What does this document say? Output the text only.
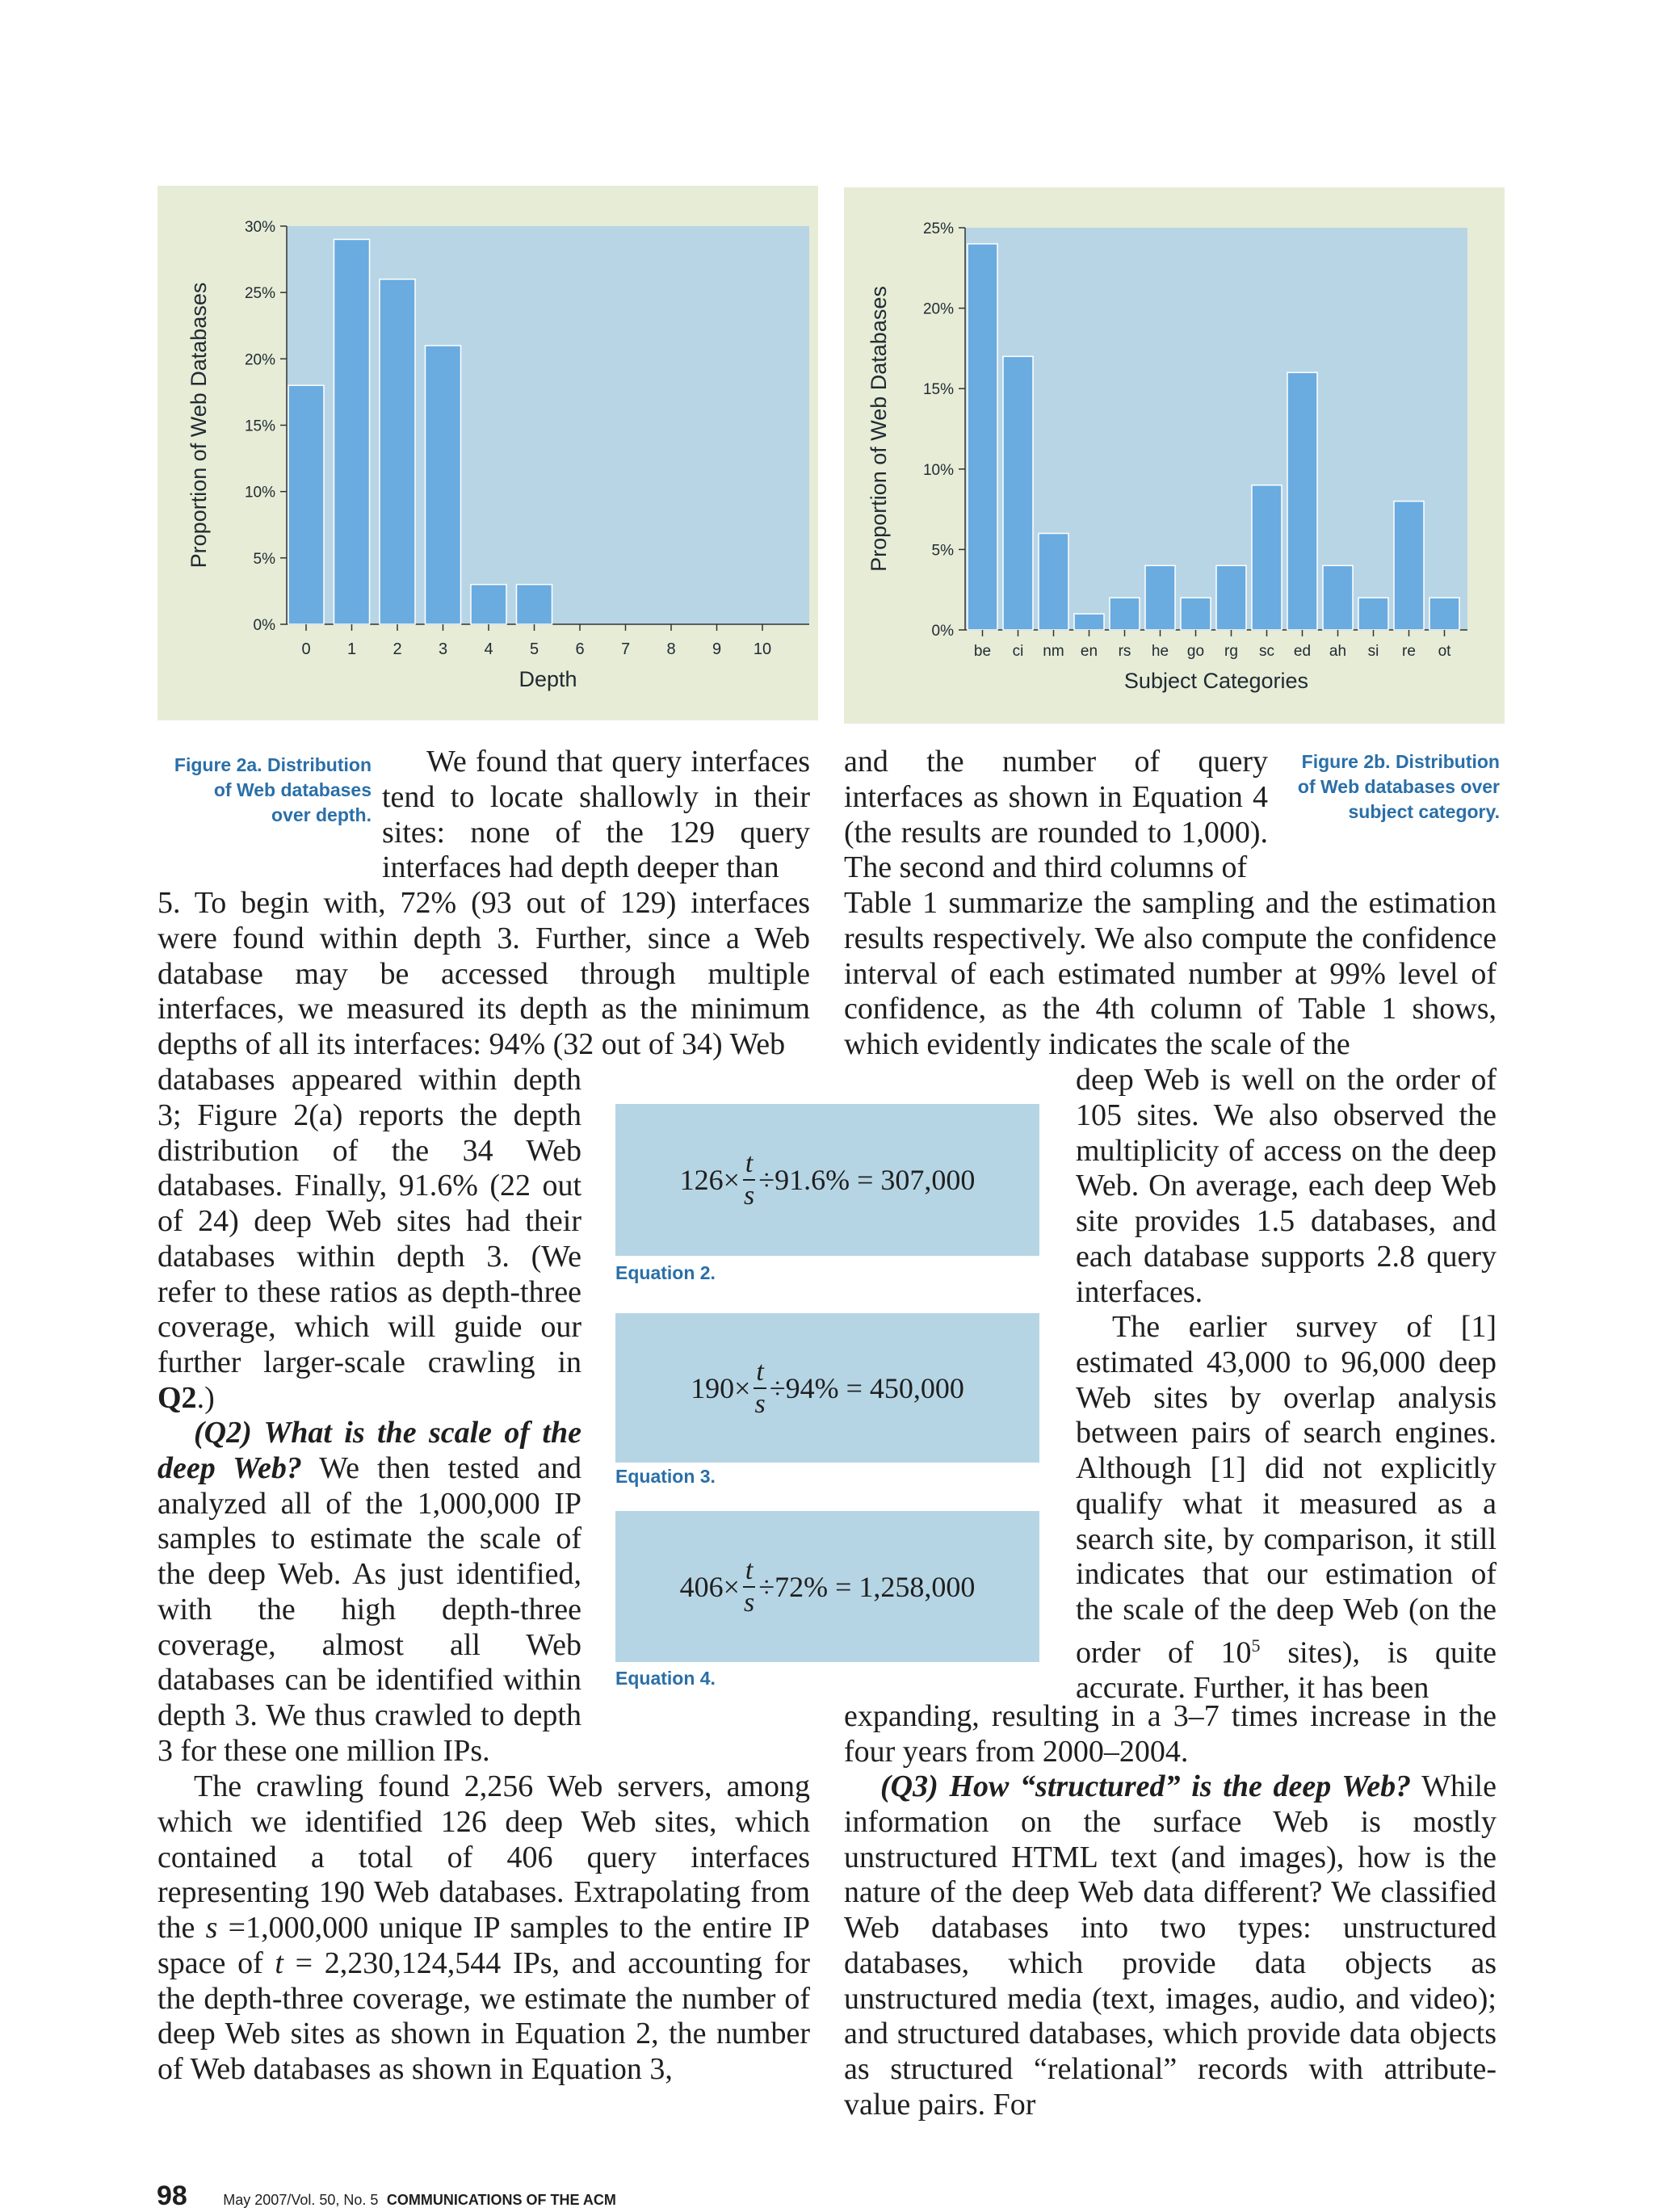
0%
5%
10%
15%
20%
25%
30%
0 1 2 3 4 5 6 7 8 9 10
Depth
Proportion of Web Databases
0%
5%
10%
15%
20%
25%
be ci nm en rs he go rg sc ed ah si re ot
Subject Categories
Proportion of Web Databases
Figure 2a. Distribution
of Web databases
over depth.
Figure 2b. Distribution
of Web databases over
subject category.

We found that query interfaces tend to locate shallowly in their sites: none of the 129 query interfaces had depth deeper than

5. To begin with, 72% (93 out of 129) interfaces were found within depth 3. Further, since a Web database may be accessed through multiple interfaces, we measured its depth as the minimum depths of all its interfaces: 94% (32 out of 34) Web

databases appeared within depth 3; Figure 2(a) reports the depth distribution of the 34 Web databases. Finally, 91.6% (22 out of 24) deep Web sites had their databases within depth 3. (We refer to these ratios as depth-three coverage, which will guide our further larger-scale crawling in Q2.)

(Q2) What is the scale of the deep Web? We then tested and analyzed all of the 1,000,000 IP samples to estimate the scale of the deep Web. As just identified, with the high depth-three coverage, almost all Web databases can be identified within depth 3. We thus crawled to depth 3 for these one million IPs.

The crawling found 2,256 Web servers, among which we identified 126 deep Web sites, which contained a total of 406 query interfaces representing 190 Web databases. Extrapolating from the s =1,000,000 unique IP samples to the entire IP space of t = 2,230,124,544 IPs, and accounting for the depth-three coverage, we estimate the number of deep Web sites as shown in Equation 2, the number of Web databases as shown in Equation 3,

$126\times \frac{t}{s} \div 91.6\% = 307,000$
Equation 2.
$190\times \frac{t}{s} \div 94\% = 450,000$
Equation 3.
$406\times \frac{t}{s} \div 72\% = 1,258,000$
Equation 4.

and the number of query interfaces as shown in Equation 4 (the results are rounded to 1,000). The second and third columns of

Table 1 summarize the sampling and the estimation results respectively. We also compute the confidence interval of each estimated number at 99% level of confidence, as the 4th column of Table 1 shows, which evidently indicates the scale of the

deep Web is well on the order of 105 sites. We also observed the multiplicity of access on the deep Web. On average, each deep Web site provides 1.5 databases, and each database supports 2.8 query interfaces.

The earlier survey of [1] estimated 43,000 to 96,000 deep Web sites by overlap analysis between pairs of search engines. Although [1] did not explicitly qualify what it measured as a search site, by comparison, it still indicates that our estimation of the scale of the deep Web (on the order of $10^5$ sites), is quite accurate. Further, it has been

expanding, resulting in a 3–7 times increase in the four years from 2000–2004.

(Q3) How “structured” is the deep Web? While information on the surface Web is mostly unstructured HTML text (and images), how is the nature of the deep Web data different? We classified Web databases into two types: unstructured databases, which provide data objects as unstructured media (text, images, audio, and video); and structured databases, which provide data objects as structured “relational” records with attribute-value pairs. For

98 May 2007/Vol. 50, No. 5 COMMUNICATIONS OF THE ACM
